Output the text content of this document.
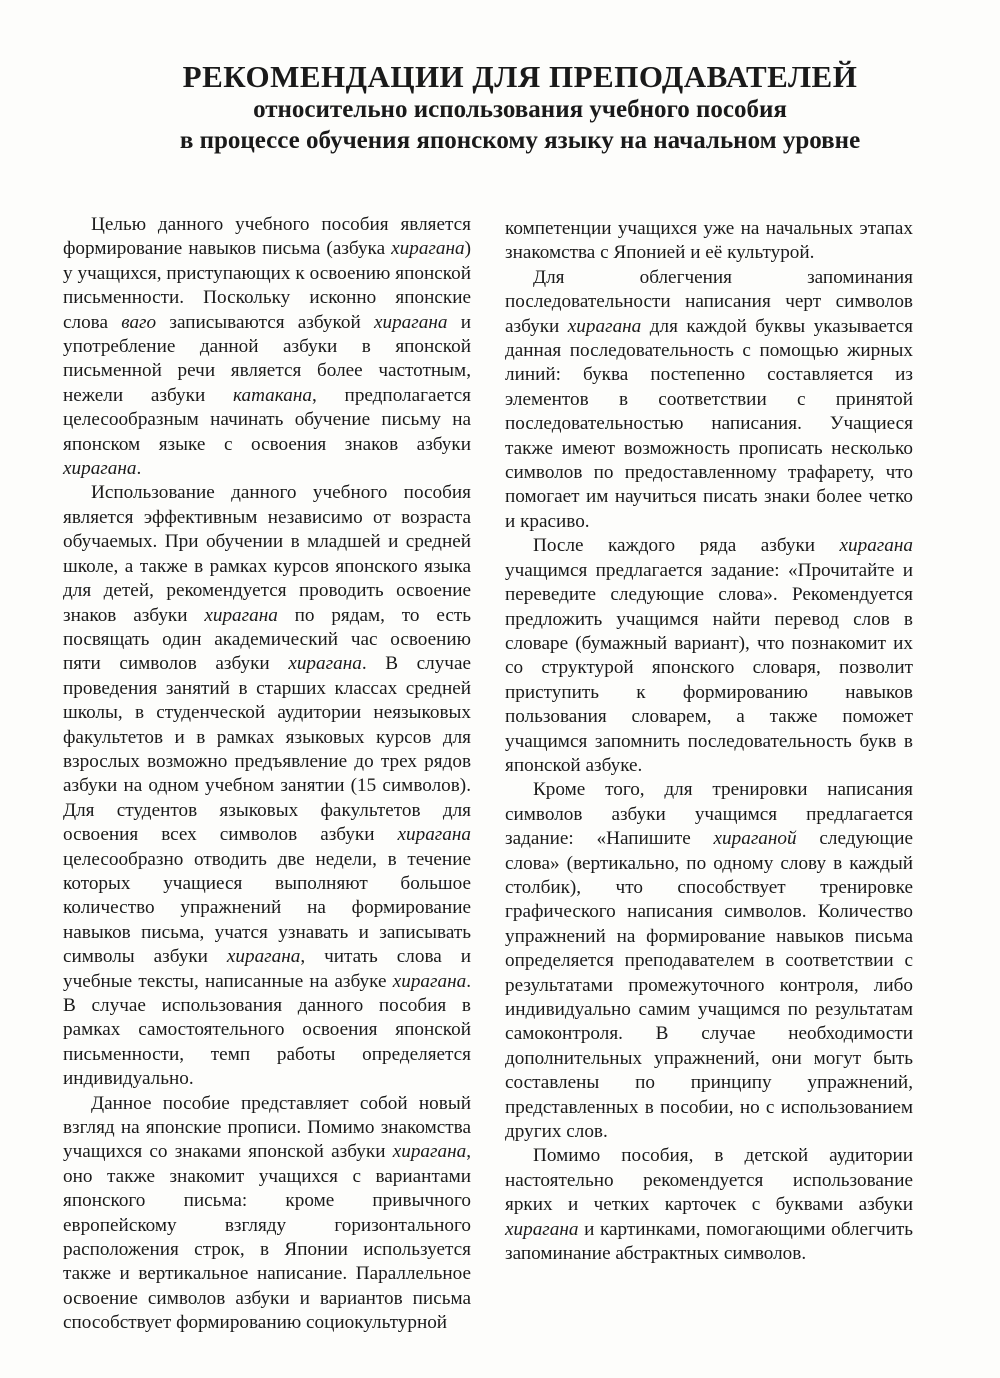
РЕКОМЕНДАЦИИ ДЛЯ ПРЕПОДАВАТЕЛЕЙ
относительно использования учебного пособия
в процессе обучения японскому языку на начальном уровне

Целью данного учебного пособия является формирование навыков письма (азбука хирагана) у учащихся, приступающих к освоению японской письменности. Поскольку исконно японские слова ваго записываются азбукой хирагана и употребление данной азбуки в японской письменной речи является более частотным, нежели азбуки катакана, предполагается целесообразным начинать обучение письму на японском языке с освоения знаков азбуки хирагана.

Использование данного учебного пособия является эффективным независимо от возраста обучаемых. При обучении в младшей и средней школе, а также в рамках курсов японского языка для детей, рекомендуется проводить освоение знаков азбуки хирагана по рядам, то есть посвящать один академический час освоению пяти символов азбуки хирагана. В случае проведения занятий в старших классах средней школы, в студенческой аудитории неязыковых факультетов и в рамках языковых курсов для взрослых возможно предъявление до трех рядов азбуки на одном учебном занятии (15 символов). Для студентов языковых факультетов для освоения всех символов азбуки хирагана целесообразно отводить две недели, в течение которых учащиеся выполняют большое количество упражнений на формирование навыков письма, учатся узнавать и записывать символы азбуки хирагана, читать слова и учебные тексты, написанные на азбуке хирагана. В случае использования данного пособия в рамках самостоятельного освоения японской письменности, темп работы определяется индивидуально.

Данное пособие представляет собой новый взгляд на японские прописи. Помимо знакомства учащихся со знаками японской азбуки хирагана, оно также знакомит учащихся с вариантами японского письма: кроме привычного европейскому взгляду горизонтального расположения строк, в Японии используется также и вертикальное написание. Параллельное освоение символов азбуки и вариантов письма способствует формированию социокультурной

компетенции учащихся уже на начальных этапах знакомства с Японией и её культурой.

Для облегчения запоминания последовательности написания черт символов азбуки хирагана для каждой буквы указывается данная последовательность с помощью жирных линий: буква постепенно составляется из элементов в соответствии с принятой последовательностью написания. Учащиеся также имеют возможность прописать несколько символов по предоставленному трафарету, что помогает им научиться писать знаки более четко и красиво.

После каждого ряда азбуки хирагана учащимся предлагается задание: «Прочитайте и переведите следующие слова». Рекомендуется предложить учащимся найти перевод слов в словаре (бумажный вариант), что познакомит их со структурой японского словаря, позволит приступить к формированию навыков пользования словарем, а также поможет учащимся запомнить последовательность букв в японской азбуке.

Кроме того, для тренировки написания символов азбуки учащимся предлагается задание: «Напишите хираганой следующие слова» (вертикально, по одному слову в каждый столбик), что способствует тренировке графического написания символов. Количество упражнений на формирование навыков письма определяется преподавателем в соответствии с результатами промежуточного контроля, либо индивидуально самим учащимся по результатам самоконтроля. В случае необходимости дополнительных упражнений, они могут быть составлены по принципу упражнений, представленных в пособии, но с использованием других слов.

Помимо пособия, в детской аудитории настоятельно рекомендуется использование ярких и четких карточек с буквами азбуки хирагана и картинками, помогающими облегчить запоминание абстрактных символов.
